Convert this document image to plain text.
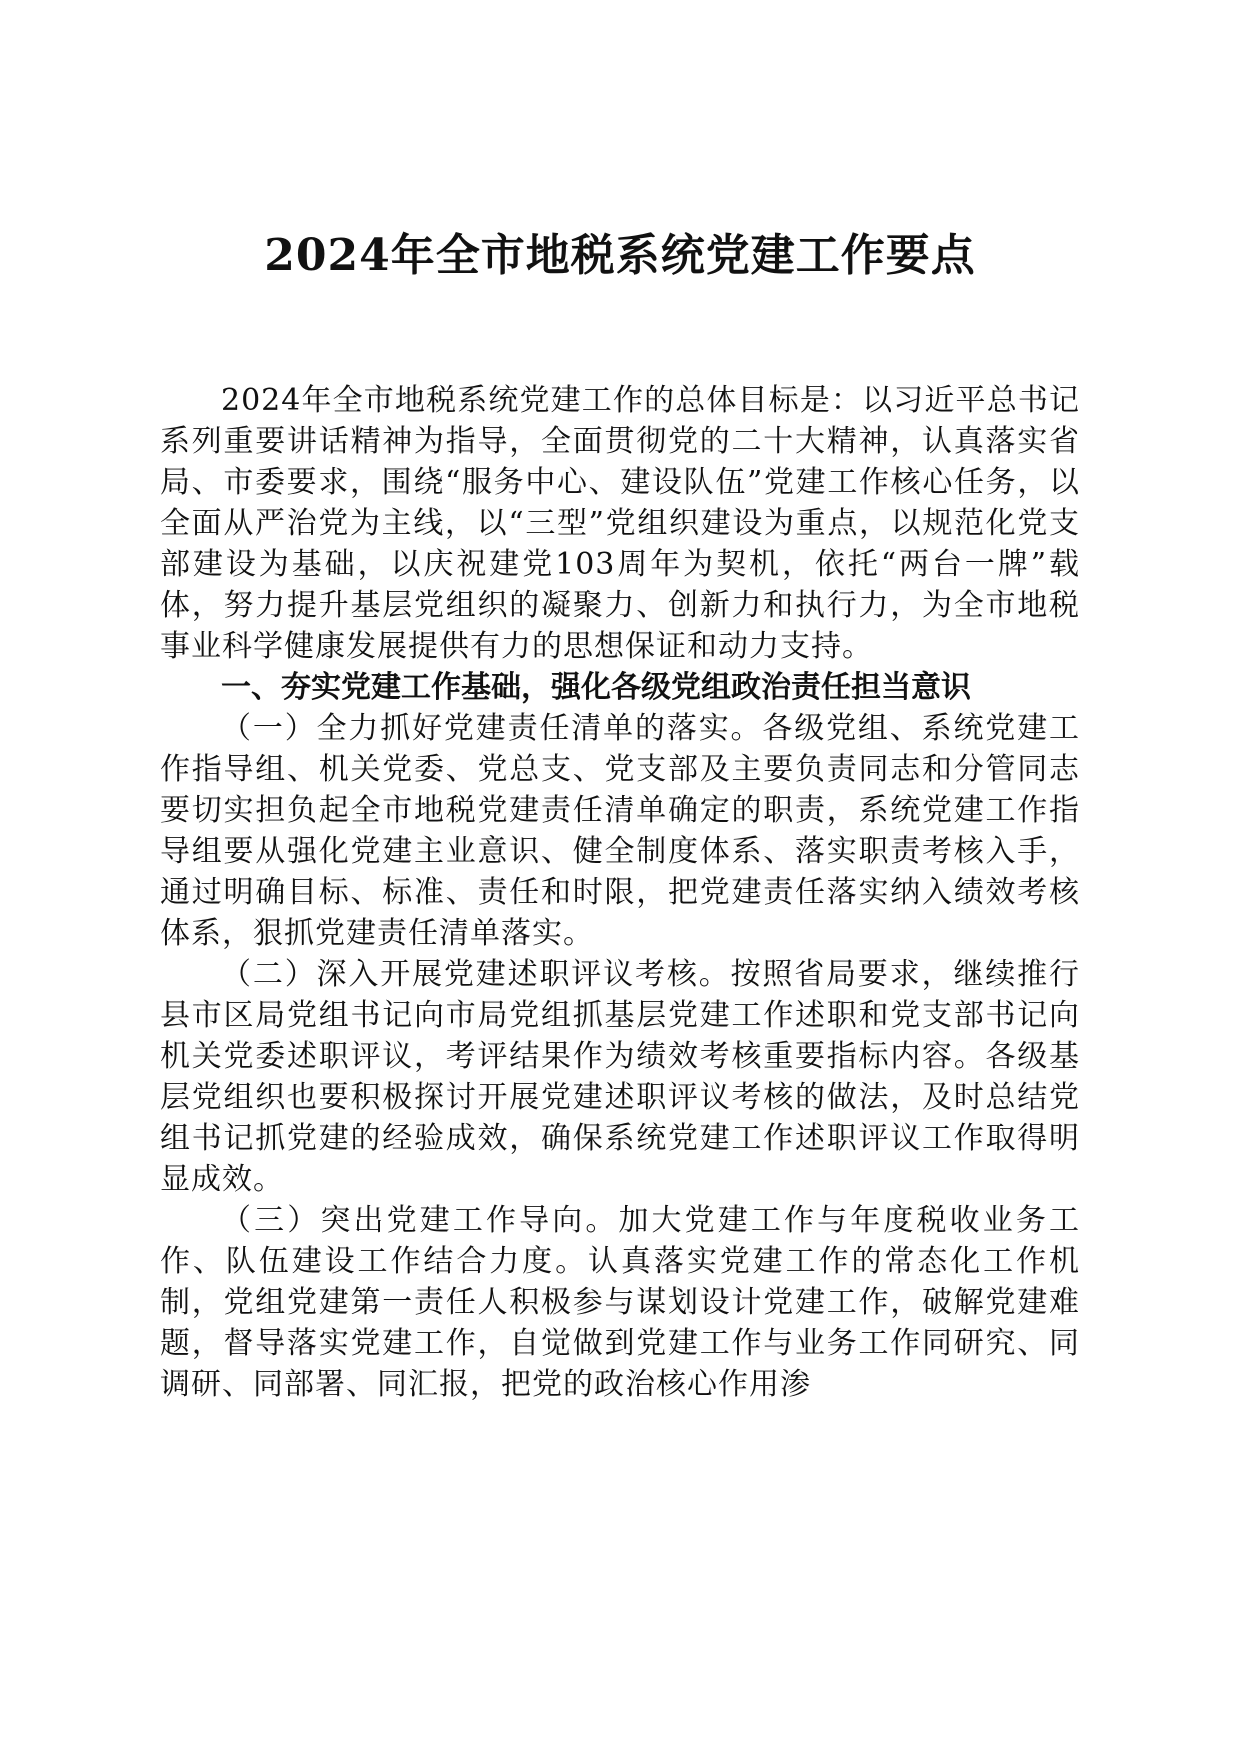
2024年全市地税系统党建工作要点

2024年全市地税系统党建工作的总体目标是：以习近平总书记系列重要讲话精神为指导，全面贯彻党的二十大精神，认真落实省局、市委要求，围绕“服务中心、建设队伍”党建工作核心任务，以全面从严治党为主线，以“三型”党组织建设为重点，以规范化党支部建设为基础，以庆祝建党103周年为契机，依托“两台一牌”载体，努力提升基层党组织的凝聚力、创新力和执行力，为全市地税事业科学健康发展提供有力的思想保证和动力支持。

一、夯实党建工作基础，强化各级党组政治责任担当意识

（一）全力抓好党建责任清单的落实。各级党组、系统党建工作指导组、机关党委、党总支、党支部及主要负责同志和分管同志要切实担负起全市地税党建责任清单确定的职责，系统党建工作指导组要从强化党建主业意识、健全制度体系、落实职责考核入手，通过明确目标、标准、责任和时限，把党建责任落实纳入绩效考核体系，狠抓党建责任清单落实。

（二）深入开展党建述职评议考核。按照省局要求，继续推行县市区局党组书记向市局党组抓基层党建工作述职和党支部书记向机关党委述职评议，考评结果作为绩效考核重要指标内容。各级基层党组织也要积极探讨开展党建述职评议考核的做法，及时总结党组书记抓党建的经验成效，确保系统党建工作述职评议工作取得明显成效。

（三）突出党建工作导向。加大党建工作与年度税收业务工作、队伍建设工作结合力度。认真落实党建工作的常态化工作机制，党组党建第一责任人积极参与谋划设计党建工作，破解党建难题，督导落实党建工作，自觉做到党建工作与业务工作同研究、同调研、同部署、同汇报，把党的政治核心作用渗
